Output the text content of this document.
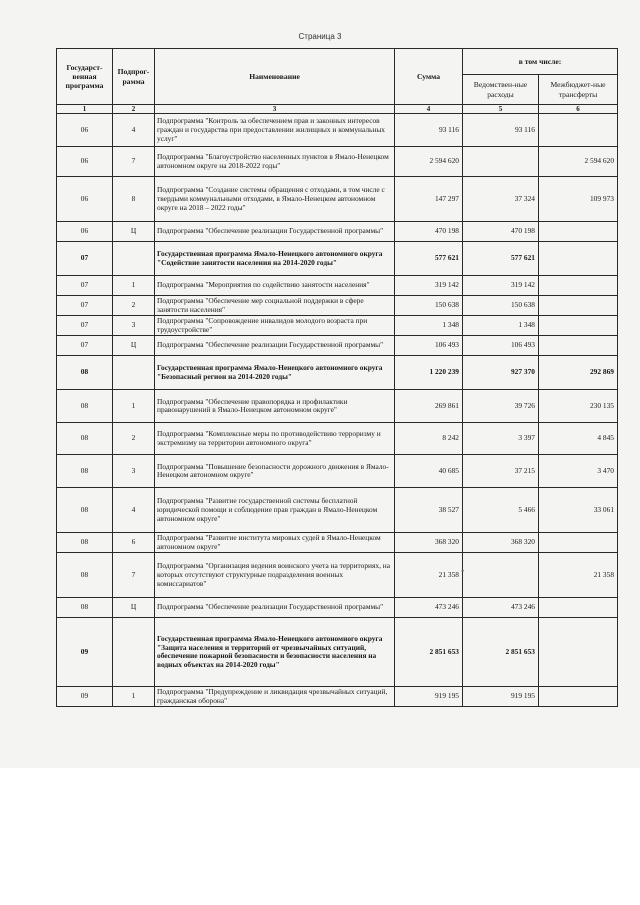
Страница 3
Государст-венная программа	Подпрог-рамма	Наименование	Сумма	в том числе:	
				Ведомствен-ные расходы	Межбюджет-ные трансферты
1	2	3	4	5	6
06	4	Подпрограмма "Контроль за обеспечением прав и законных интересов граждан и государства при предоставлении жилищных и коммунальных услуг"	93 116	93 116	
06	7	Подпрограмма "Благоустройство населенных пунктов в Ямало-Ненецком автономном округе на 2018-2022 годы"	2 594 620		2 594 620
06	8	Подпрограмма "Создание системы обращения с отходами, в том числе с твердыми коммунальными отходами, в Ямало-Ненецком автономном округе на 2018 – 2022 годы"	147 297	37 324	109 973
06	Ц	Подпрограмма "Обеспечение реализации Государственной программы"	470 198	470 198	
07		Государственная программа Ямало-Ненецкого автономного округа "Содействие занятости населения на 2014-2020 годы"	577 621	577 621	
07	1	Подпрограмма "Мероприятия по содействию занятости населения"	319 142	319 142	
07	2	Подпрограмма "Обеспечение мер социальной поддержки в сфере занятости населения"	150 638	150 638	
07	3	Подпрограмма "Сопровождение инвалидов молодого возраста при трудоустройстве"	1 348	1 348	
07	Ц	Подпрограмма "Обеспечение реализации Государственной программы"	106 493	106 493	
08		Государственная программа Ямало-Ненецкого автономного округа "Безопасный регион на 2014-2020 годы"	1 220 239	927 370	292 869
08	1	Подпрограмма "Обеспечение правопорядка и профилактики правонарушений в Ямало-Ненецком автономном округе"	269 861	39 726	230 135
08	2	Подпрограмма "Комплексные меры по противодействию терроризму и экстремизму на территории автономного округа"	8 242	3 397	4 845
08	3	Подпрограмма "Повышение безопасности дорожного движения в Ямало-Ненецком автономном округе"	40 685	37 215	3 470
08	4	Подпрограмма "Развитие государственной системы бесплатной юридической помощи и соблюдение прав граждан в Ямало-Ненецком автономном округе"	38 527	5 466	33 061
08	6	Подпрограмма "Развитие института мировых судей в Ямало-Ненецком автономном округе"	368 320	368 320	
08	7	Подпрограмма "Организация ведения воинского учета на территориях, на которых отсутствуют структурные подразделения военных комиссариатов"	21 358		21 358
08	Ц	Подпрограмма "Обеспечение реализации Государственной программы"	473 246	473 246	
09		Государственная программа Ямало-Ненецкого автономного округа "Защита населения и территорий от чрезвычайных ситуаций, обеспечение пожарной безопасности и безопасности населения на водных объектах на 2014-2020 годы"	2 851 653	2 851 653	
09	1	Подпрограмма "Предупреждение и ликвидация чрезвычайных ситуаций, гражданская оборона"	919 195	919 195	
•
